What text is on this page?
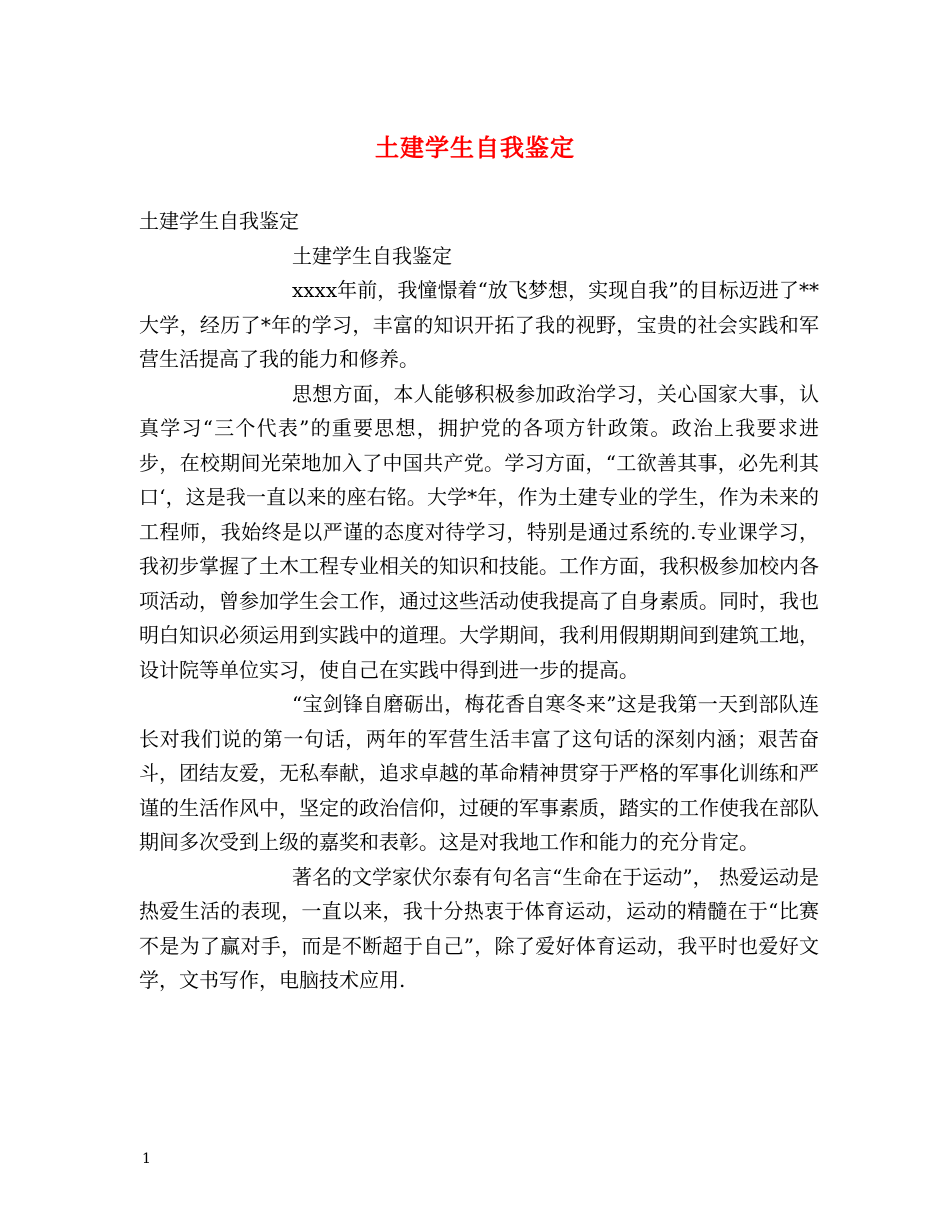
土建学生自我鉴定

土建学生自我鉴定

土建学生自我鉴定

xxxx年前，我憧憬着“放飞梦想，实现自我”的目标迈进了**大学，经历了*年的学习，丰富的知识开拓了我的视野，宝贵的社会实践和军营生活提高了我的能力和修养。

思想方面，本人能够积极参加政治学习，关心国家大事，认真学习“三个代表”的重要思想，拥护党的各项方针政策。政治上我要求进步，在校期间光荣地加入了中国共产党。学习方面，“工欲善其事，必先利其口‘，这是我一直以来的座右铭。大学*年，作为土建专业的学生，作为未来的工程师，我始终是以严谨的态度对待学习，特别是通过系统的.专业课学习，我初步掌握了土木工程专业相关的知识和技能。工作方面，我积极参加校内各项活动，曾参加学生会工作，通过这些活动使我提高了自身素质。同时，我也明白知识必须运用到实践中的道理。大学期间，我利用假期期间到建筑工地，设计院等单位实习，使自己在实践中得到进一步的提高。

“宝剑锋自磨砺出，梅花香自寒冬来”这是我第一天到部队连长对我们说的第一句话，两年的军营生活丰富了这句话的深刻内涵；艰苦奋斗，团结友爱，无私奉献，追求卓越的革命精神贯穿于严格的军事化训练和严谨的生活作风中，坚定的政治信仰，过硬的军事素质，踏实的工作使我在部队期间多次受到上级的嘉奖和表彰。这是对我地工作和能力的充分肯定。

著名的文学家伏尔泰有句名言“生命在于运动”， 热爱运动是热爱生活的表现，一直以来，我十分热衷于体育运动，运动的精髓在于“比赛不是为了赢对手，而是不断超于自己”，除了爱好体育运动，我平时也爱好文学，文书写作，电脑技术应用.

1
